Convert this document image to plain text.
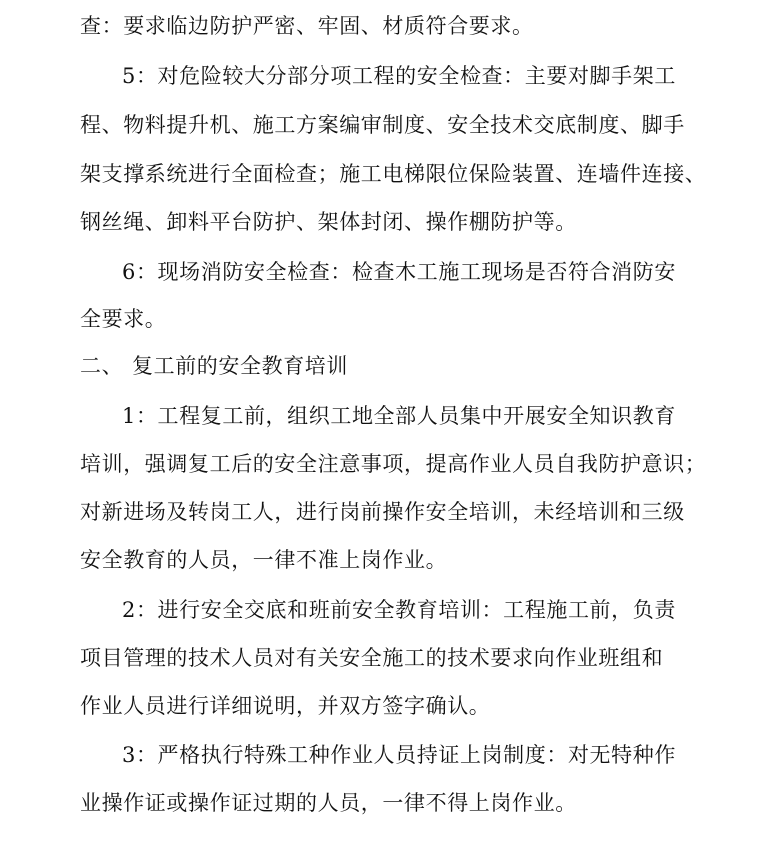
查：要求临边防护严密、牢固、材质符合要求。
5：对危险较大分部分项工程的安全检查：主要对脚手架工
程、物料提升机、施工方案编审制度、安全技术交底制度、脚手
架支撑系统进行全面检查；施工电梯限位保险装置、连墙件连接、
钢丝绳、卸料平台防护、架体封闭、操作棚防护等。
6：现场消防安全检查：检查木工施工现场是否符合消防安
全要求。
二、 复工前的安全教育培训
1：工程复工前，组织工地全部人员集中开展安全知识教育
培训，强调复工后的安全注意事项，提高作业人员自我防护意识；
对新进场及转岗工人，进行岗前操作安全培训，未经培训和三级
安全教育的人员，一律不准上岗作业。
2：进行安全交底和班前安全教育培训：工程施工前，负责
项目管理的技术人员对有关安全施工的技术要求向作业班组和
作业人员进行详细说明，并双方签字确认。
3：严格执行特殊工种作业人员持证上岗制度：对无特种作
业操作证或操作证过期的人员，一律不得上岗作业。
